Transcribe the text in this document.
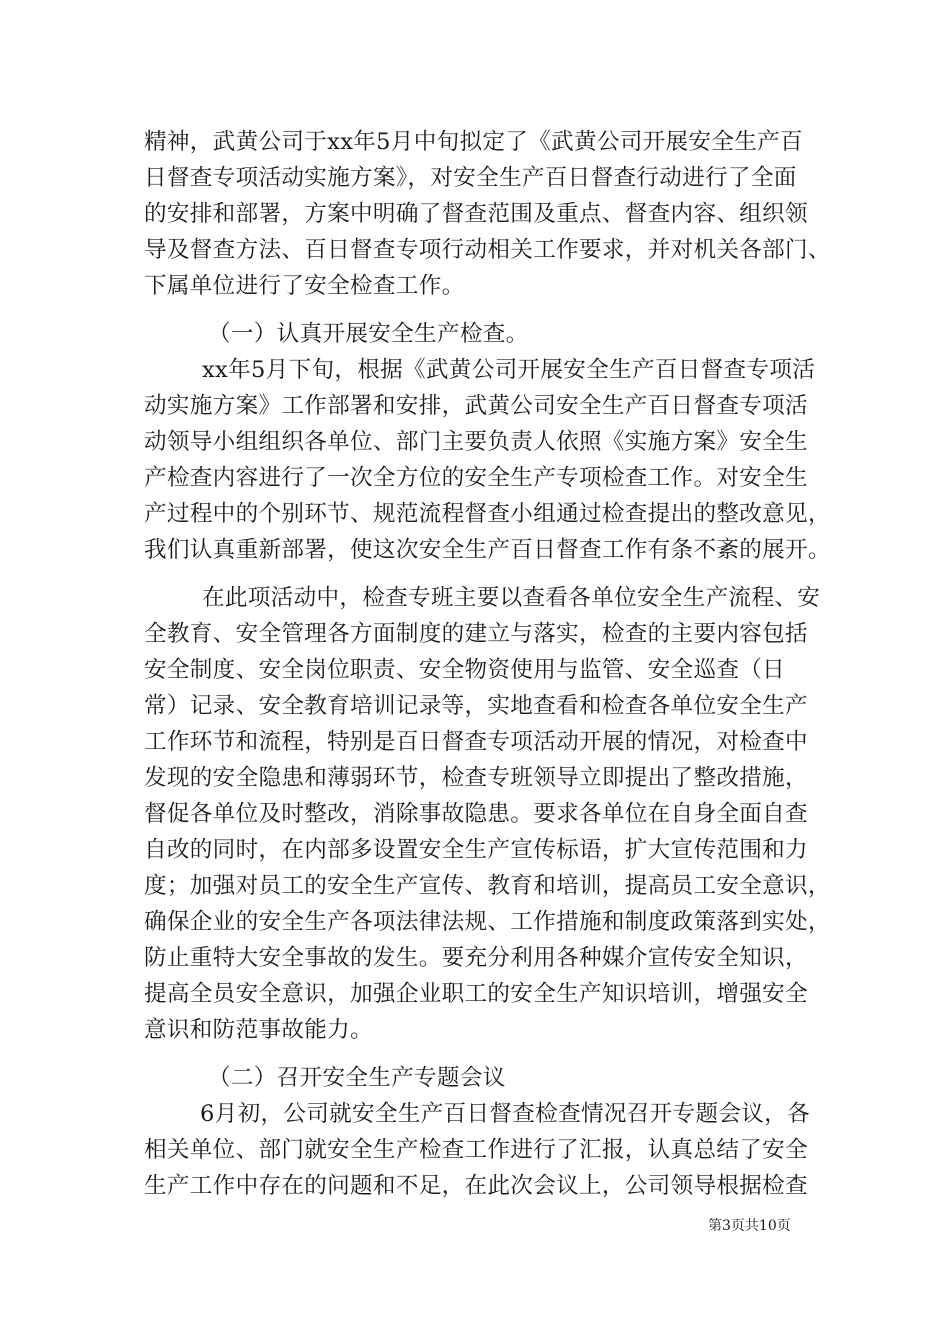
精神，武黄公司于xx年5月中旬拟定了《武黄公司开展安全生产百
日督查专项活动实施方案》，对安全生产百日督查行动进行了全面
的安排和部署，方案中明确了督查范围及重点、督查内容、组织领
导及督查方法、百日督查专项行动相关工作要求，并对机关各部门、
下属单位进行了安全检查工作。
（一）认真开展安全生产检查。
xx年5月下旬，根据《武黄公司开展安全生产百日督查专项活
动实施方案》工作部署和安排，武黄公司安全生产百日督查专项活
动领导小组组织各单位、部门主要负责人依照《实施方案》安全生
产检查内容进行了一次全方位的安全生产专项检查工作。对安全生
产过程中的个别环节、规范流程督查小组通过检查提出的整改意见，
我们认真重新部署，使这次安全生产百日督查工作有条不紊的展开。
在此项活动中，检查专班主要以查看各单位安全生产流程、安
全教育、安全管理各方面制度的建立与落实，检查的主要内容包括
安全制度、安全岗位职责、安全物资使用与监管、安全巡查（日
常）记录、安全教育培训记录等，实地查看和检查各单位安全生产
工作环节和流程，特别是百日督查专项活动开展的情况，对检查中
发现的安全隐患和薄弱环节，检查专班领导立即提出了整改措施，
督促各单位及时整改，消除事故隐患。要求各单位在自身全面自查
自改的同时，在内部多设置安全生产宣传标语，扩大宣传范围和力
度；加强对员工的安全生产宣传、教育和培训，提高员工安全意识，
确保企业的安全生产各项法律法规、工作措施和制度政策落到实处，
防止重特大安全事故的发生。要充分利用各种媒介宣传安全知识，
提高全员安全意识，加强企业职工的安全生产知识培训，增强安全
意识和防范事故能力。
（二）召开安全生产专题会议
6月初，公司就安全生产百日督查检查情况召开专题会议，各
相关单位、部门就安全生产检查工作进行了汇报，认真总结了安全
生产工作中存在的问题和不足，在此次会议上，公司领导根据检查
第3页共10页
